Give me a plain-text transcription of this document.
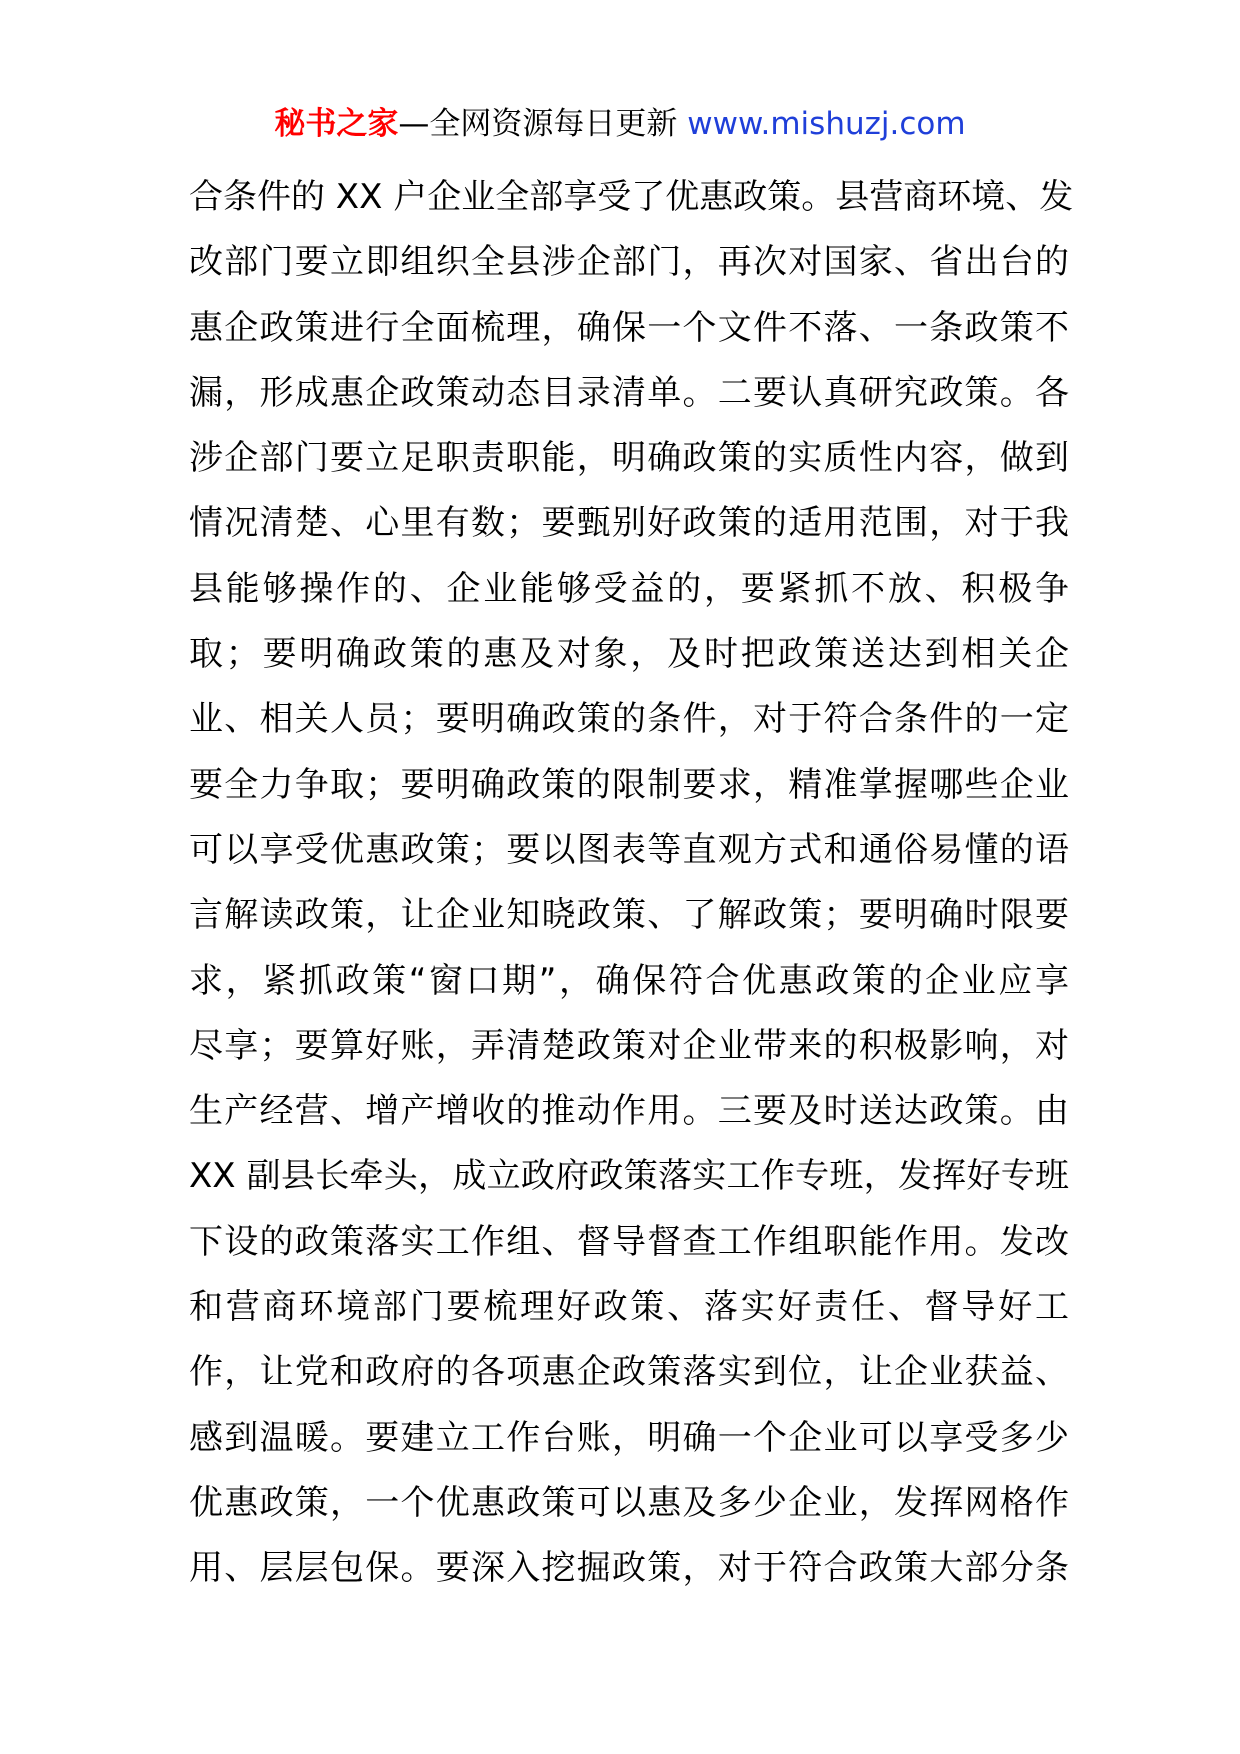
秘书之家—全网资源每日更新 www.mishuzj.com
合条件的 XX 户企业全部享受了优惠政策。县营商环境、发
改部门要立即组织全县涉企部门，再次对国家、省出台的
惠企政策进行全面梳理，确保一个文件不落、一条政策不
漏，形成惠企政策动态目录清单。二要认真研究政策。各
涉企部门要立足职责职能，明确政策的实质性内容，做到
情况清楚、心里有数；要甄别好政策的适用范围，对于我
县能够操作的、企业能够受益的，要紧抓不放、积极争
取；要明确政策的惠及对象，及时把政策送达到相关企
业、相关人员；要明确政策的条件，对于符合条件的一定
要全力争取；要明确政策的限制要求，精准掌握哪些企业
可以享受优惠政策；要以图表等直观方式和通俗易懂的语
言解读政策，让企业知晓政策、了解政策；要明确时限要
求，紧抓政策“窗口期”，确保符合优惠政策的企业应享
尽享；要算好账，弄清楚政策对企业带来的积极影响，对
生产经营、增产增收的推动作用。三要及时送达政策。由
XX 副县长牵头，成立政府政策落实工作专班，发挥好专班
下设的政策落实工作组、督导督查工作组职能作用。发改
和营商环境部门要梳理好政策、落实好责任、督导好工
作，让党和政府的各项惠企政策落实到位，让企业获益、
感到温暖。要建立工作台账，明确一个企业可以享受多少
优惠政策，一个优惠政策可以惠及多少企业，发挥网格作
用、层层包保。要深入挖掘政策，对于符合政策大部分条
